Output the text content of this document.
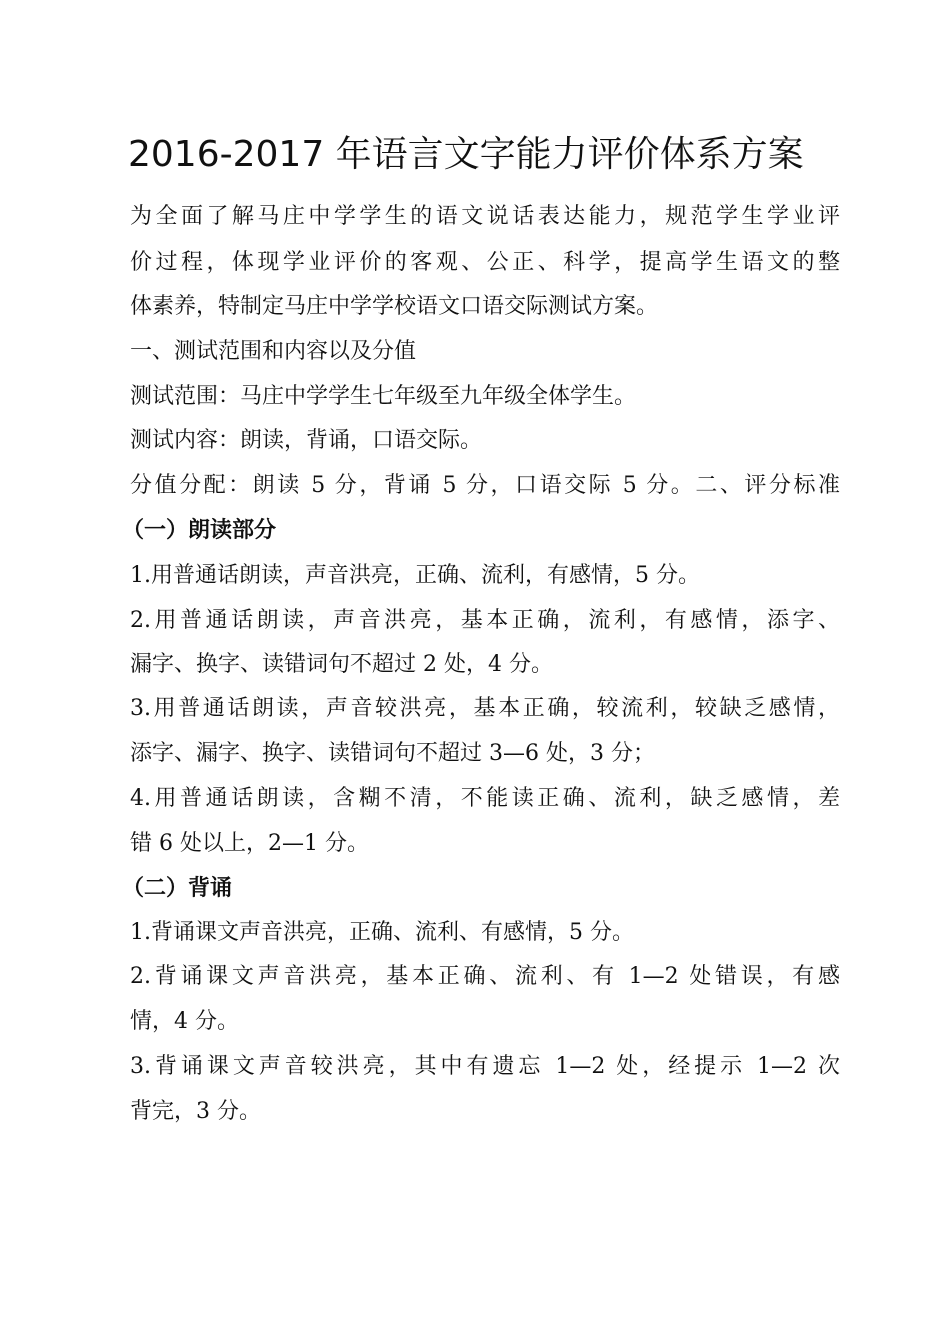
2016-2017 年语言文字能力评价体系方案
为全面了解马庄中学学生的语文说话表达能力，规范学生学业评
价过程，体现学业评价的客观、公正、科学，提高学生语文的整
体素养，特制定马庄中学学校语文口语交际测试方案。
一、测试范围和内容以及分值
测试范围：马庄中学学生七年级至九年级全体学生。
测试内容：朗读，背诵，口语交际。
分值分配：朗读 5 分，背诵 5 分，口语交际 5 分。二、评分标准
（一）朗读部分
1.用普通话朗读，声音洪亮，正确、流利，有感情，5 分。
2.用普通话朗读，声音洪亮，基本正确，流利，有感情，添字、
漏字、换字、读错词句不超过 2 处，4 分。
3.用普通话朗读，声音较洪亮，基本正确，较流利，较缺乏感情，
添字、漏字、换字、读错词句不超过 3—6 处，3 分；
4.用普通话朗读，含糊不清，不能读正确、流利，缺乏感情，差
错 6 处以上，2—1 分。
（二）背诵
1.背诵课文声音洪亮，正确、流利、有感情，5 分。
2.背诵课文声音洪亮，基本正确、流利、有 1—2 处错误，有感
情，4 分。
3.背诵课文声音较洪亮，其中有遗忘 1—2 处，经提示 1—2 次
背完，3 分。
